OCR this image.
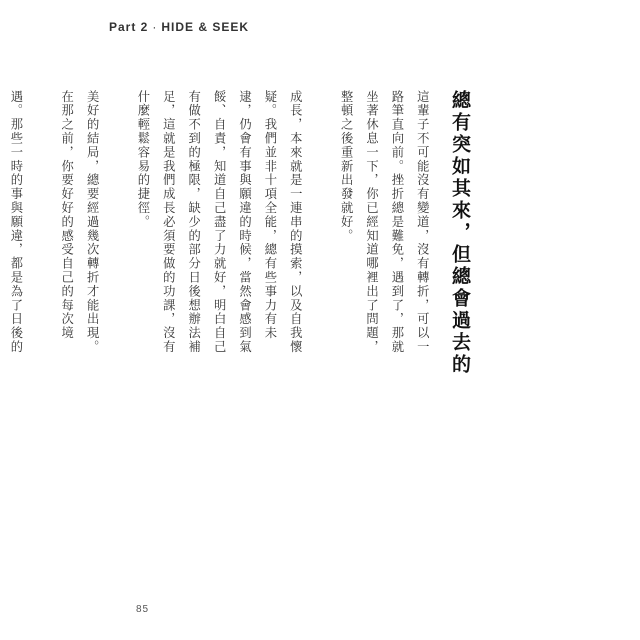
Part 2 · HIDE & SEEK
總有突如其來，但總會過去的
這輩子不可能沒有變道，沒有轉折，可以一
路筆直向前。挫折總是難免，遇到了，那就
坐著休息一下，你已經知道哪裡出了問題，
整頓之後重新出發就好。
成長，本來就是一連串的摸索，以及自我懷
疑。我們並非十項全能，總有些事力有未
逮，仍會有事與願違的時候，當然會感到氣
餒、自責，知道自己盡了力就好，明白自己
有做不到的極限，缺少的部分日後想辦法補
足，這就是我們成長必須要做的功課，沒有
什麼輕鬆容易的捷徑。
美好的結局，總要經過幾次轉折才能出現。
在那之前，你要好好的感受自己的每次境
遇。那些一時的事與願違，都是為了日後的
85
